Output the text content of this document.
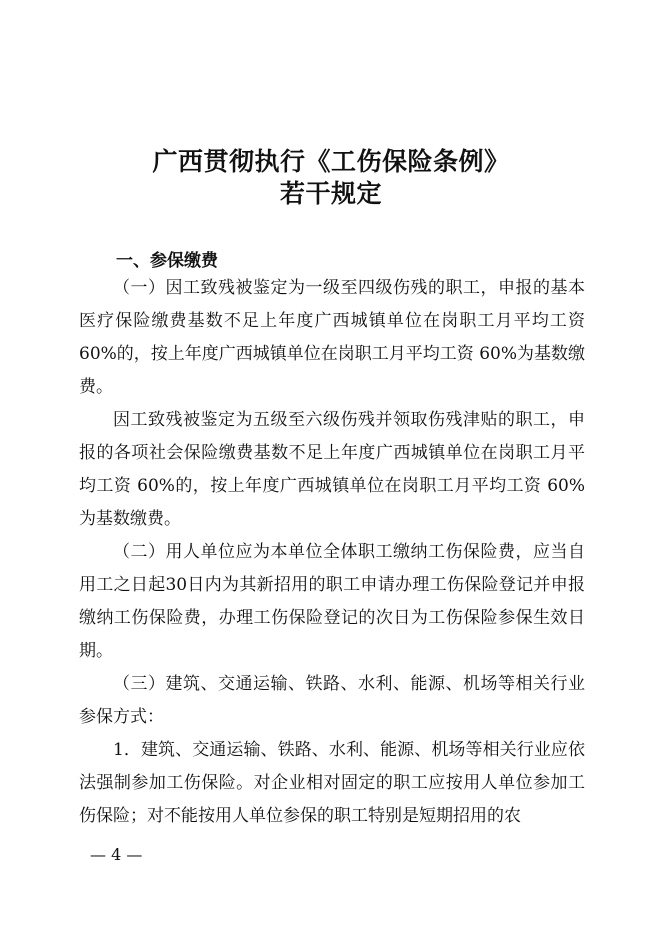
广西贯彻执行《工伤保险条例》
若干规定
一、参保缴费

（一）因工致残被鉴定为一级至四级伤残的职工，申报的基本医疗保险缴费基数不足上年度广西城镇单位在岗职工月平均工资 60%的，按上年度广西城镇单位在岗职工月平均工资 60%为基数缴费。

因工致残被鉴定为五级至六级伤残并领取伤残津贴的职工，申报的各项社会保险缴费基数不足上年度广西城镇单位在岗职工月平均工资 60%的，按上年度广西城镇单位在岗职工月平均工资 60%为基数缴费。

（二）用人单位应为本单位全体职工缴纳工伤保险费，应当自用工之日起30日内为其新招用的职工申请办理工伤保险登记并申报缴纳工伤保险费，办理工伤保险登记的次日为工伤保险参保生效日期。

（三）建筑、交通运输、铁路、水利、能源、机场等相关行业参保方式：

1．建筑、交通运输、铁路、水利、能源、机场等相关行业应依法强制参加工伤保险。对企业相对固定的职工应按用人单位参加工伤保险；对不能按用人单位参保的职工特别是短期招用的农

— 4 —
